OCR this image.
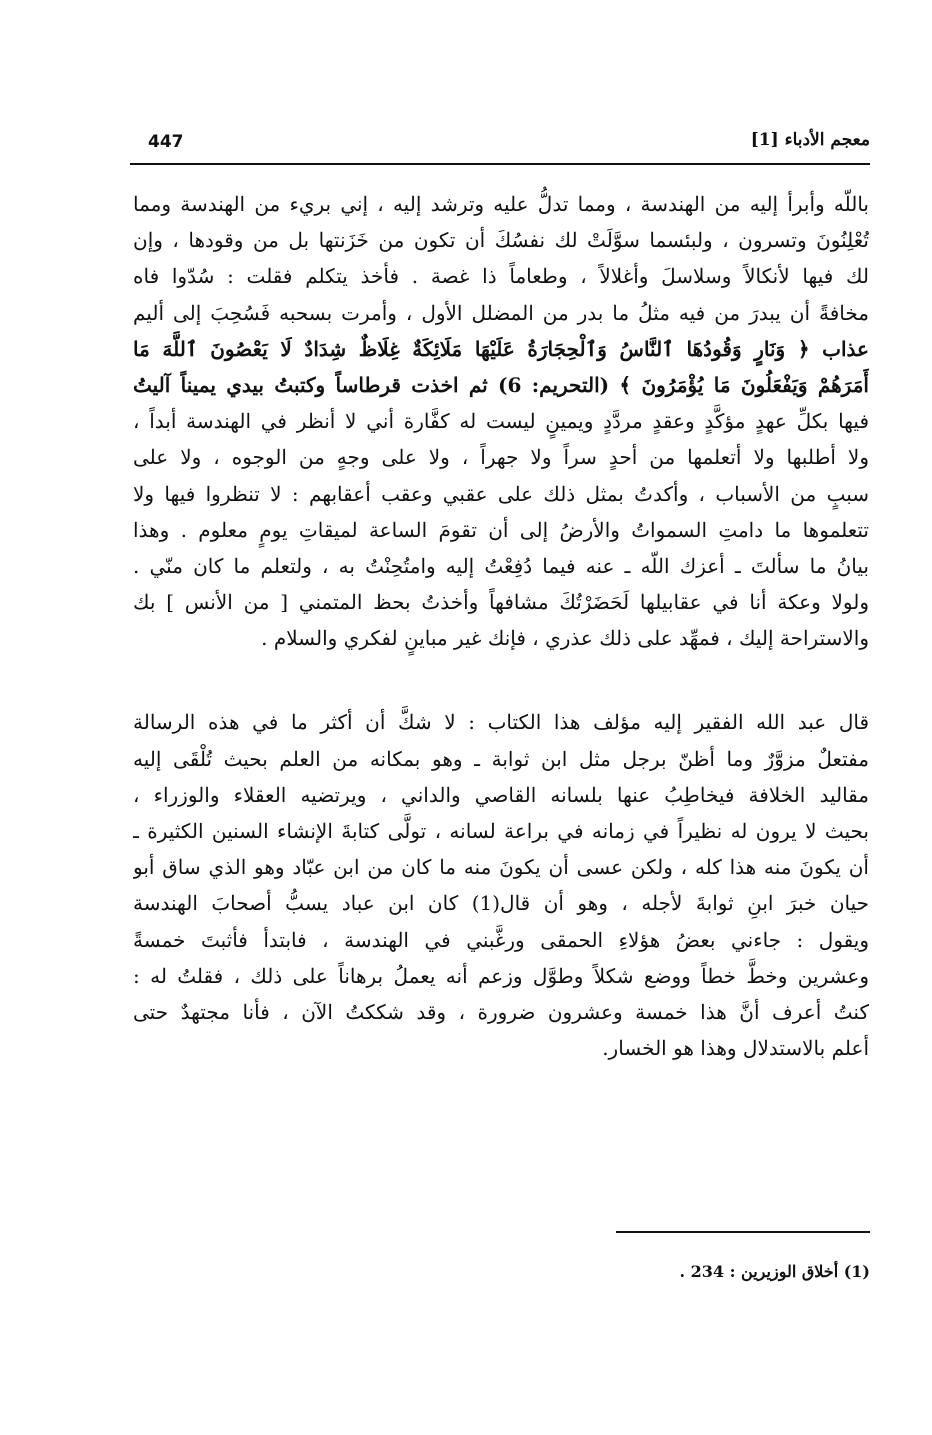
447	معجم الأدباء [1]
باللّه وأبرأ إليه من الهندسة ، ومما تدلُّ عليه وترشد إليه ، إني بريء من الهندسة ومما
تُعْلِنُونَ وتسرون ، ولبئسما سوَّلَتْ لك نفسُكَ أن تكون من خَزَنتها بل من وقودها ، وإن
لك فيها لأنكالاً وسلاسلَ وأغلالاً ، وطعاماً ذا غصة . فأخذ يتكلم فقلت : سُدّوا فاه
مخافةً أن يبدرَ من فيه مثلُ ما بدر من المضلل الأول ، وأمرت بسحبه فَسُحِبَ إلى أليم
عذاب ﴿ وَنَارٍ وَقُودُهَا ٱلنَّاسُ وَٱلْحِجَارَةُ عَلَيْهَا مَلَائِكَةٌ غِلَاظٌ شِدَادٌ لَا يَعْصُونَ ٱللَّهَ مَا
أَمَرَهُمْ وَيَفْعَلُونَ مَا يُؤْمَرُونَ ﴾ (التحريم: 6) ثم اخذت قرطاساً وكتبتُ بيدي يميناً آليتُ
فيها بكلِّ عهدٍ مؤكَّدٍ وعقدٍ مردَّدٍ ويمينٍ ليست له كفَّارة أني لا أنظر في الهندسة أبداً ،
ولا أطلبها ولا أتعلمها من أحدٍ سراً ولا جهراً ، ولا على وجهٍ من الوجوه ، ولا على
سببٍ من الأسباب ، وأكدتُ بمثل ذلك على عقبي وعقب أعقابهم : لا تنظروا فيها ولا
تتعلموها ما دامتِ السمواتُ والأرضُ إلى أن تقومَ الساعة لميقاتِ يومٍ معلوم . وهذا
بيانُ ما سألتَ ـ أعزك اللّه ـ عنه فيما دُفِعْتُ إليه وامتُحِنْتُ به ، ولتعلم ما كان منّي .
ولولا وعكة أنا في عقابيلها لَحَضَرْتُكَ مشافهاً وأخذتُ بحظ المتمني [ من الأنس ] بك
والاستراحة إليك ، فمهِّد على ذلك عذري ، فإنك غير مباينٍ لفكري والسلام .
قال عبد الله الفقير إليه مؤلف هذا الكتاب : لا شكَّ أن أكثر ما في هذه الرسالة
مفتعلٌ مزوَّرٌ وما أظنّ برجل مثل ابن ثوابة ـ وهو بمكانه من العلم بحيث تُلْقَى إليه
مقاليد الخلافة فيخاطِبُ عنها بلسانه القاصي والداني ، ويرتضيه العقلاء والوزراء ،
بحيث لا يرون له نظيراً في زمانه في براعة لسانه ، تولَّى كتابةَ الإنشاء السنين الكثيرة ـ
أن يكونَ منه هذا كله ، ولكن عسى أن يكونَ منه ما كان من ابن عبّاد وهو الذي ساق أبو
حيان خبرَ ابنِ ثوابةَ لأجله ، وهو أن قال(1) كان ابن عباد يسبُّ أصحابَ الهندسة
ويقول : جاءني بعضُ هؤلاءِ الحمقى ورغَّبني في الهندسة ، فابتدأ فأثبتَ خمسةً
وعشرين وخطَّ خطاً ووضع شكلاً وطوَّل وزعم أنه يعملُ برهاناً على ذلك ، فقلتُ له :
كنتُ أعرف أنَّ هذا خمسة وعشرون ضرورة ، وقد شككتُ الآن ، فأنا مجتهدٌ حتى
أعلم بالاستدلال وهذا هو الخسار.
(1) أخلاق الوزيرين : 234 .
